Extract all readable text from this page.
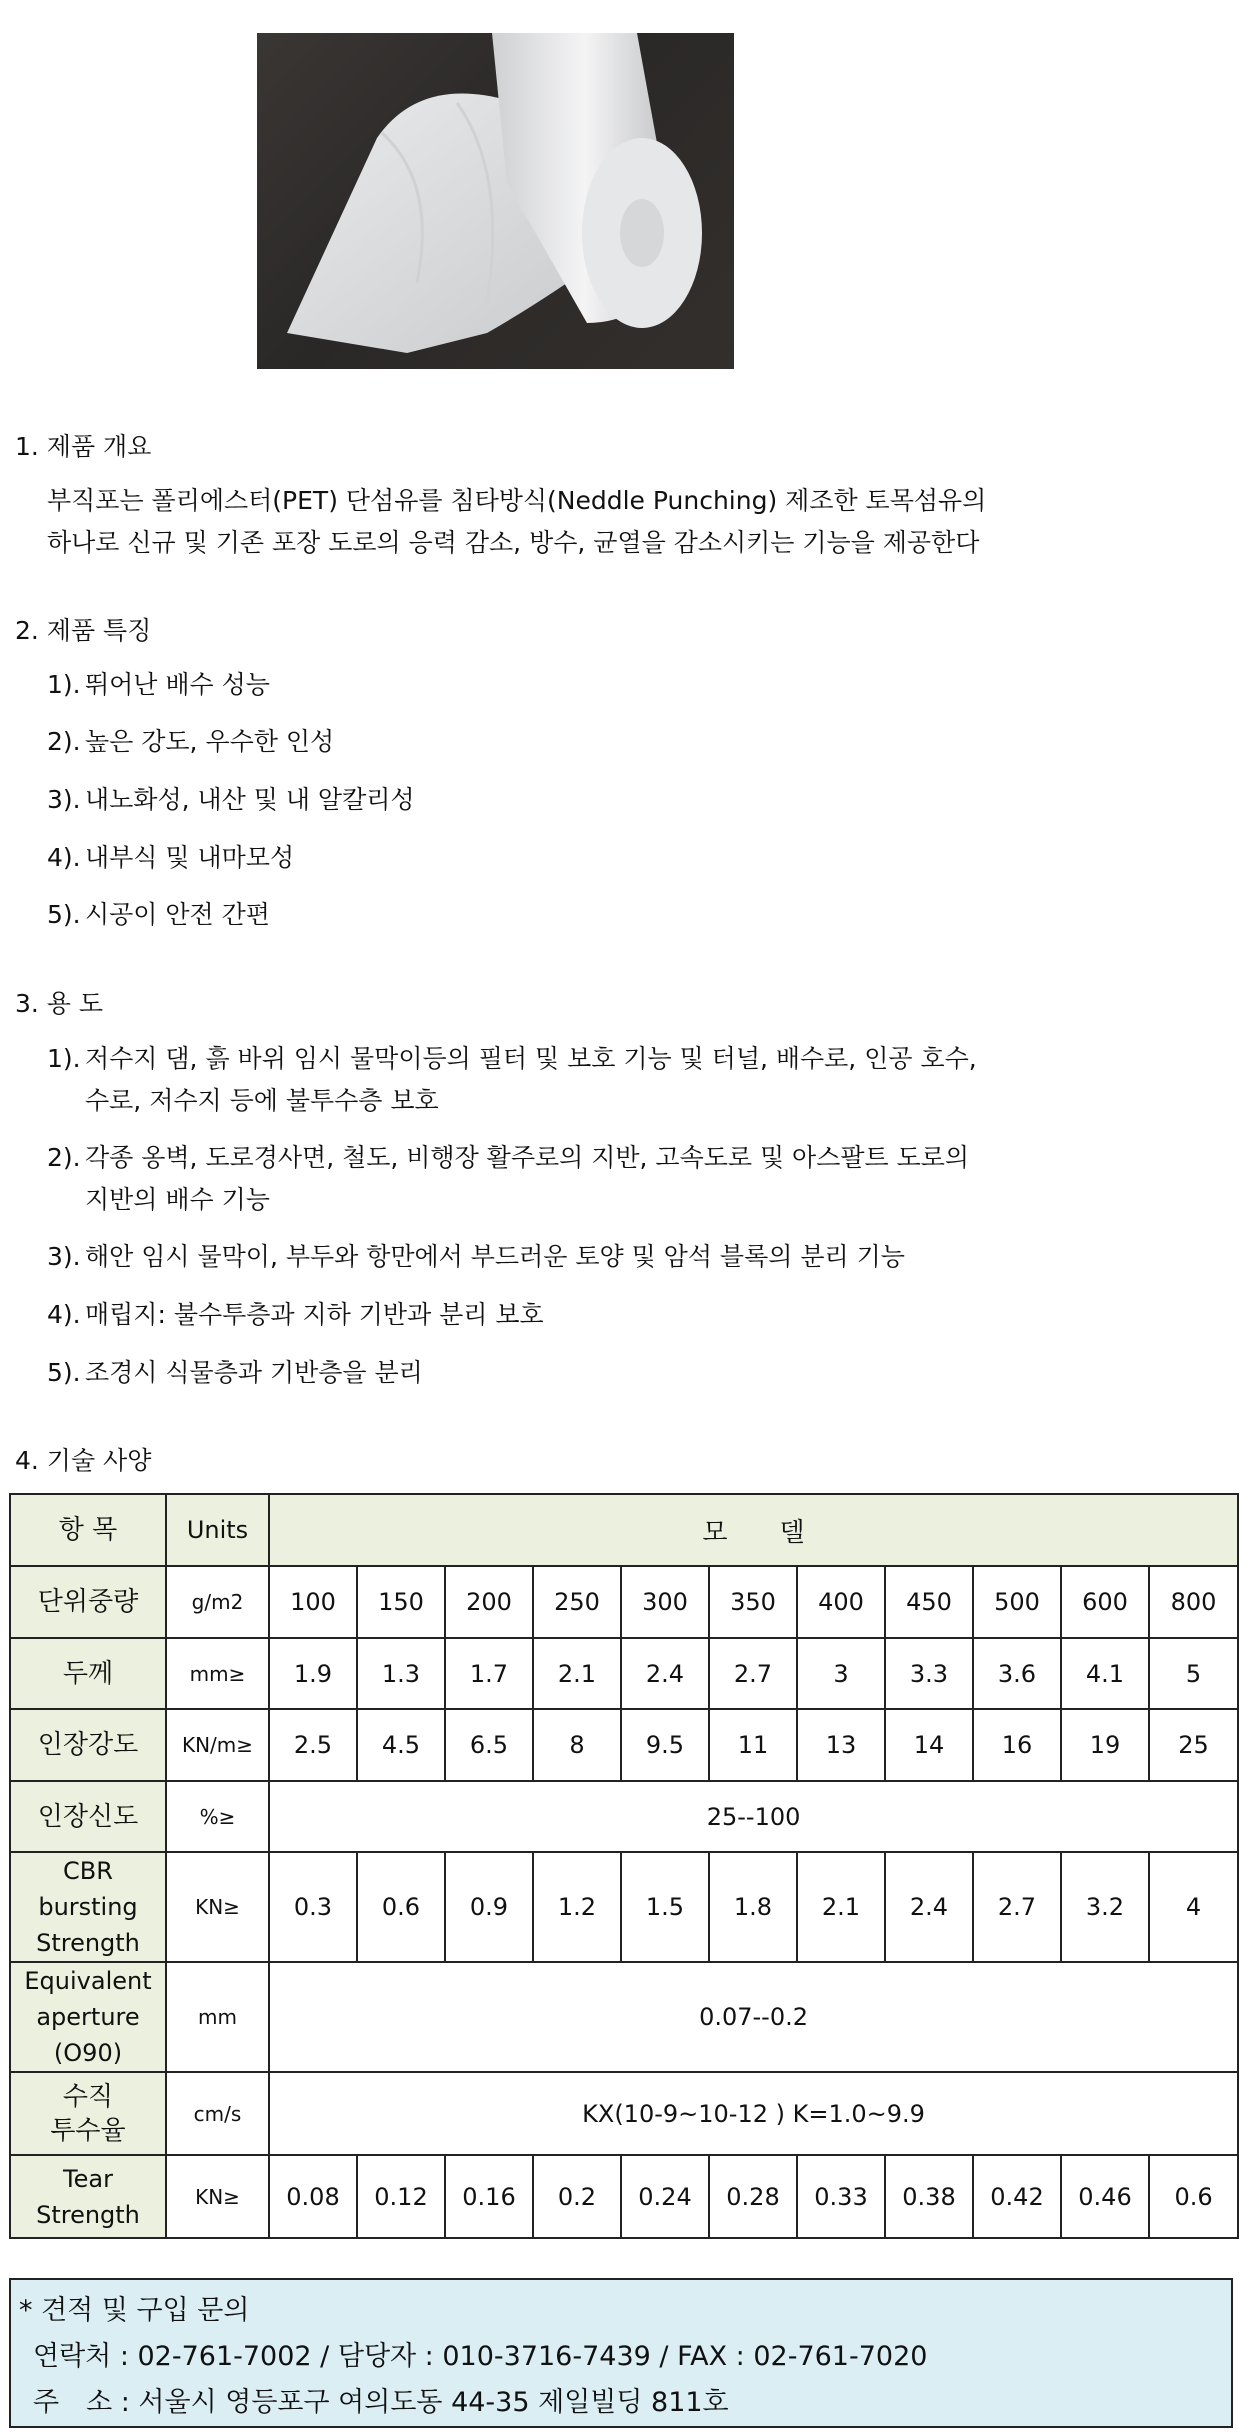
1. 제품 개요
부직포는 폴리에스터(PET) 단섬유를 침타방식(Neddle Punching) 제조한 토목섬유의
하나로 신규 및 기존 포장 도로의 응력 감소, 방수, 균열을 감소시키는 기능을 제공한다
2. 제품 특징
1). 뛰어난 배수 성능
2). 높은 강도, 우수한 인성
3). 내노화성, 내산 및 내 알칼리성
4). 내부식 및 내마모성
5). 시공이 안전 간편
3. 용 도
1). 저수지 댐, 흙 바위 임시 물막이등의 필터 및 보호 기능 및 터널, 배수로, 인공 호수,
수로, 저수지 등에 불투수층 보호
2). 각종 옹벽, 도로경사면, 철도, 비행장 활주로의 지반, 고속도로 및 아스팔트 도로의
지반의 배수 기능
3). 해안 임시 물막이, 부두와 항만에서 부드러운 토양 및 암석 블록의 분리 기능
4). 매립지: 불수투층과 지하 기반과 분리 보호
5). 조경시 식물층과 기반층을 분리
4. 기술 사양
항 목	Units	모　　델										
단위중량	g/m2	100	150	200	250	300	350	400	450	500	600	800
두께	mm≥	1.9	1.3	1.7	2.1	2.4	2.7	3	3.3	3.6	4.1	5
인장강도	KN/m≥	2.5	4.5	6.5	8	9.5	11	13	14	16	19	25
인장신도	%≥	25--100										

CBR
bursting
Strength	KN≥	0.3	0.6	0.9	1.2	1.5	1.8	2.1	2.4	2.7	3.2	4

Equivalent
aperture
(O90)	mm	0.07--0.2										

수직
투수율	cm/s	KX(10-9~10-12 ) K=1.0~9.9										

Tear
Strength	KN≥	0.08	0.12	0.16	0.2	0.24	0.28	0.33	0.38	0.42	0.46	0.6
* 견적 및 구입 문의
연락처 : 02-761-7002 / 담당자 : 010-3716-7439 / FAX : 02-761-7020
주　소 : 서울시 영등포구 여의도동 44-35 제일빌딩 811호
